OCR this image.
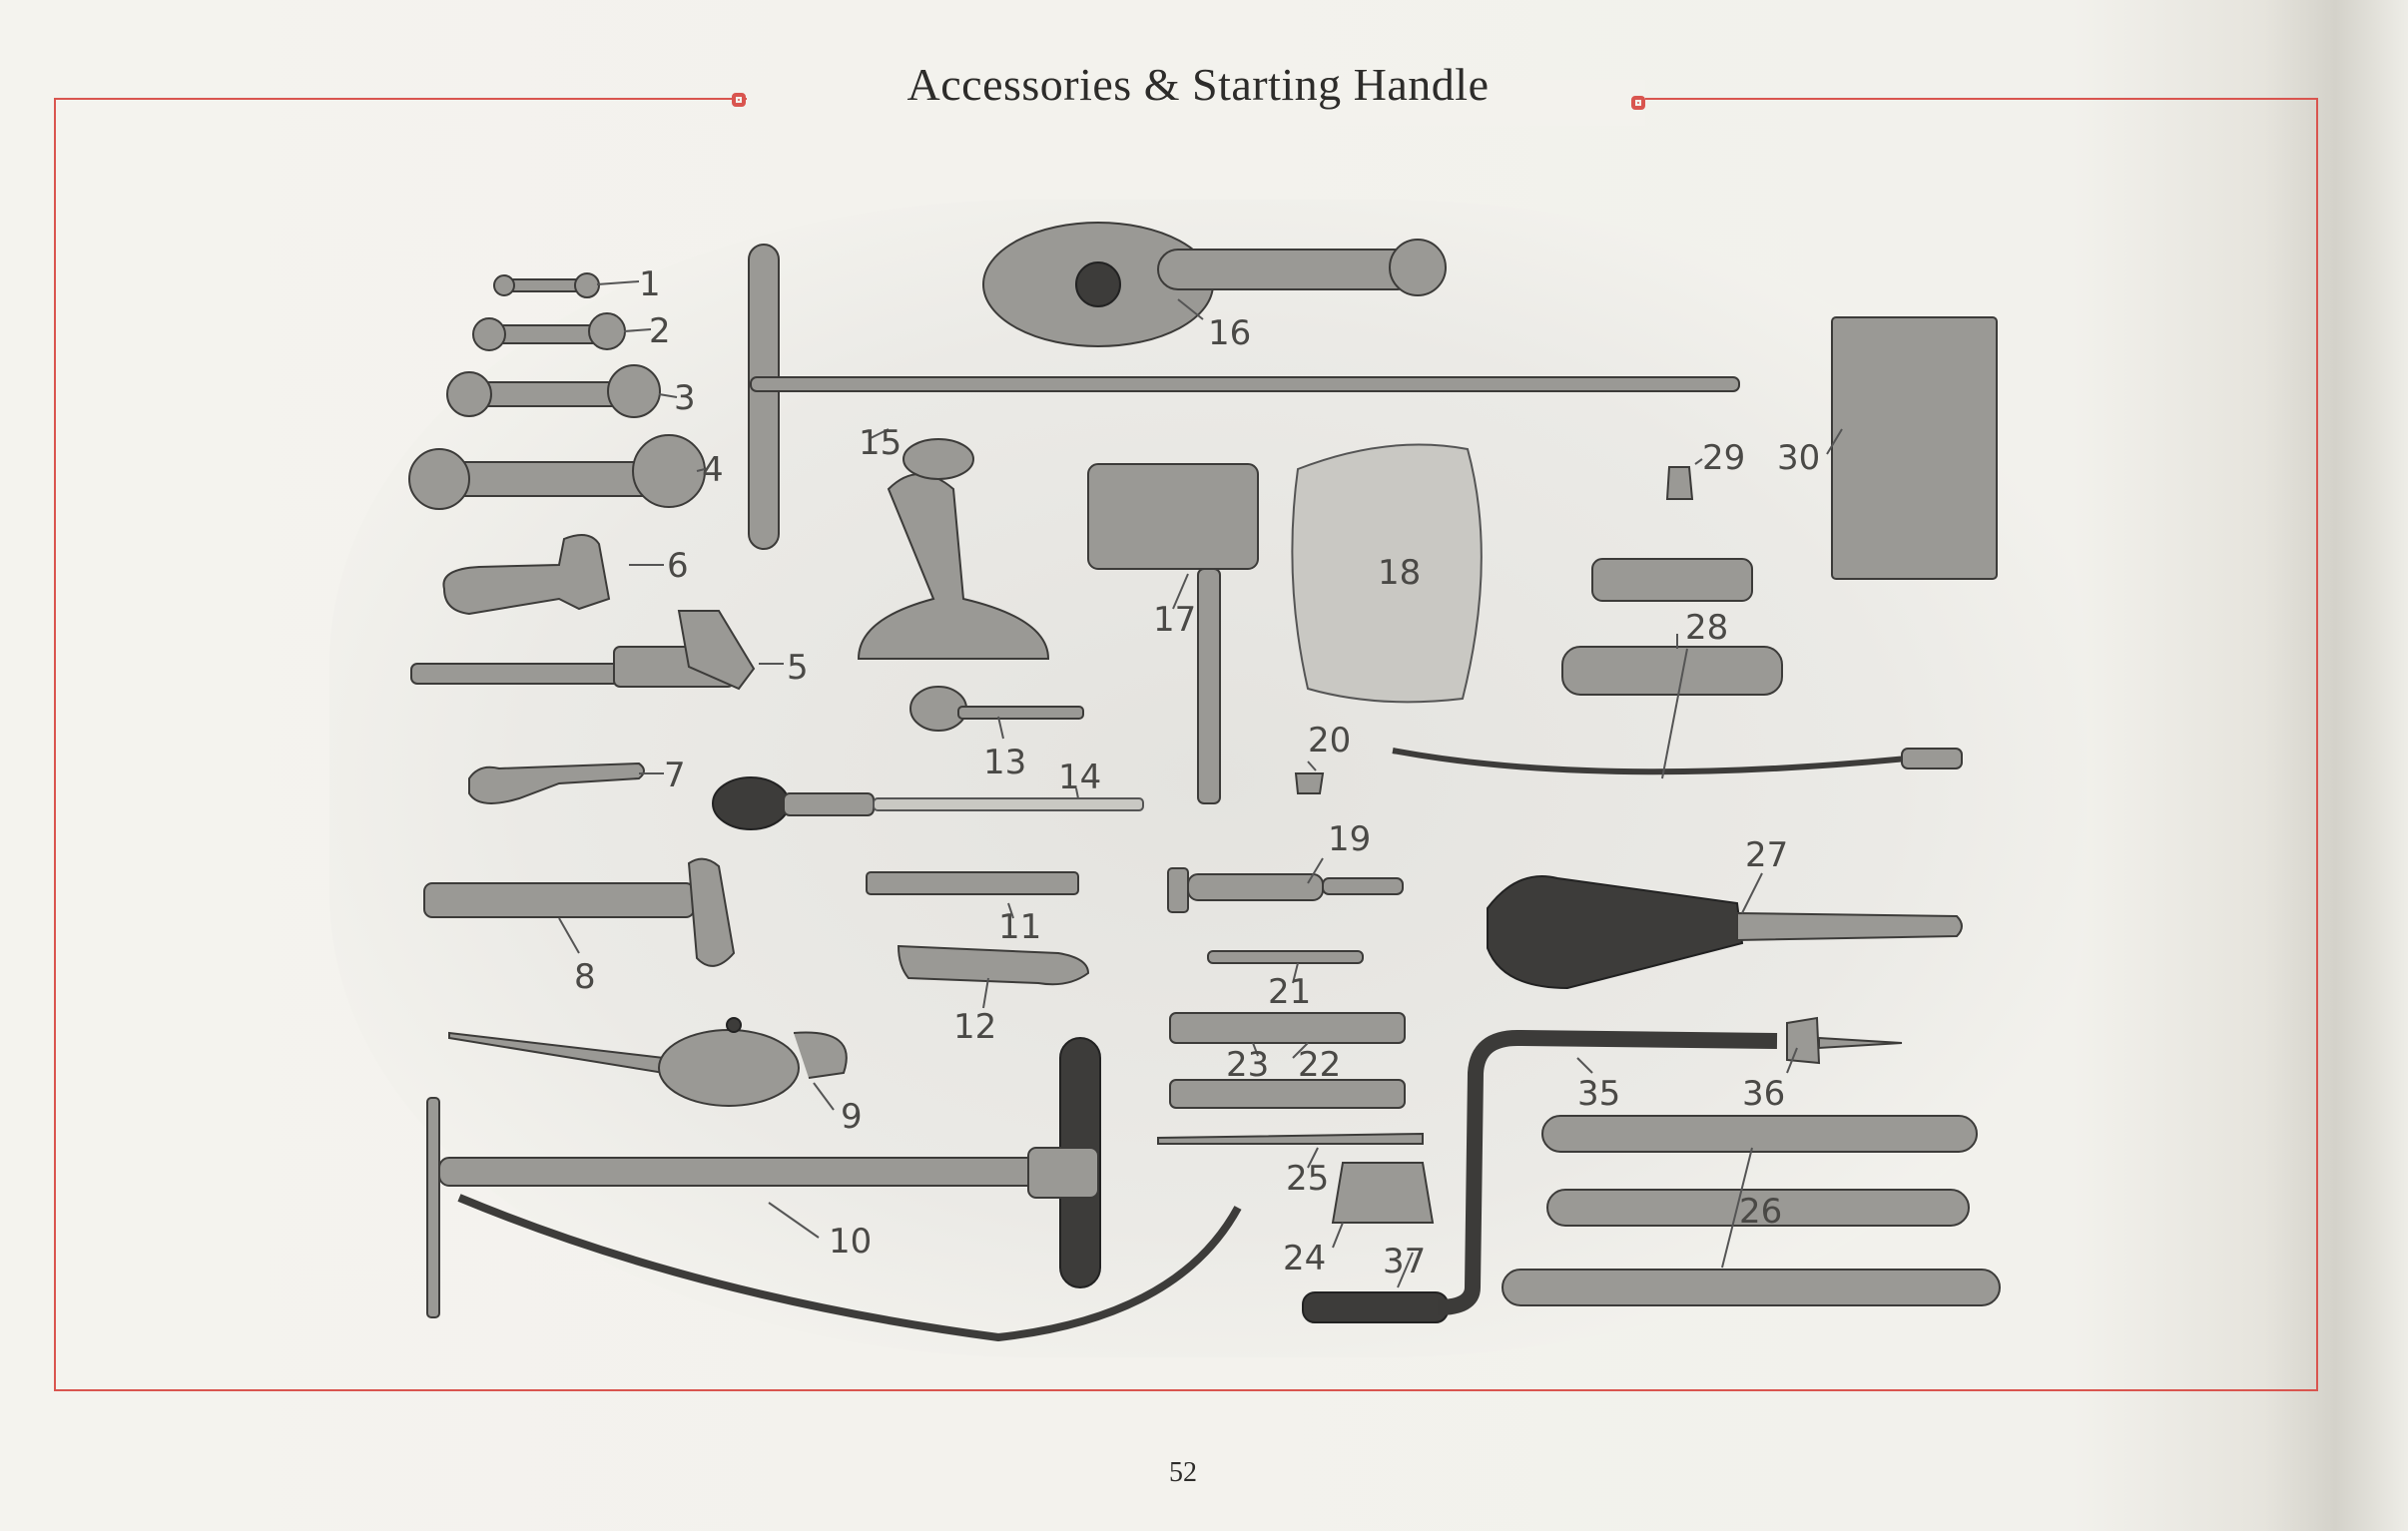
Accessories & Starting Handle
1
2
3
4
6
5
7
8
9
10
11
12
13 14
15
16
17
18
20
19
21
22
23
25
24 37
35	36
26
27
28
29 30
52
